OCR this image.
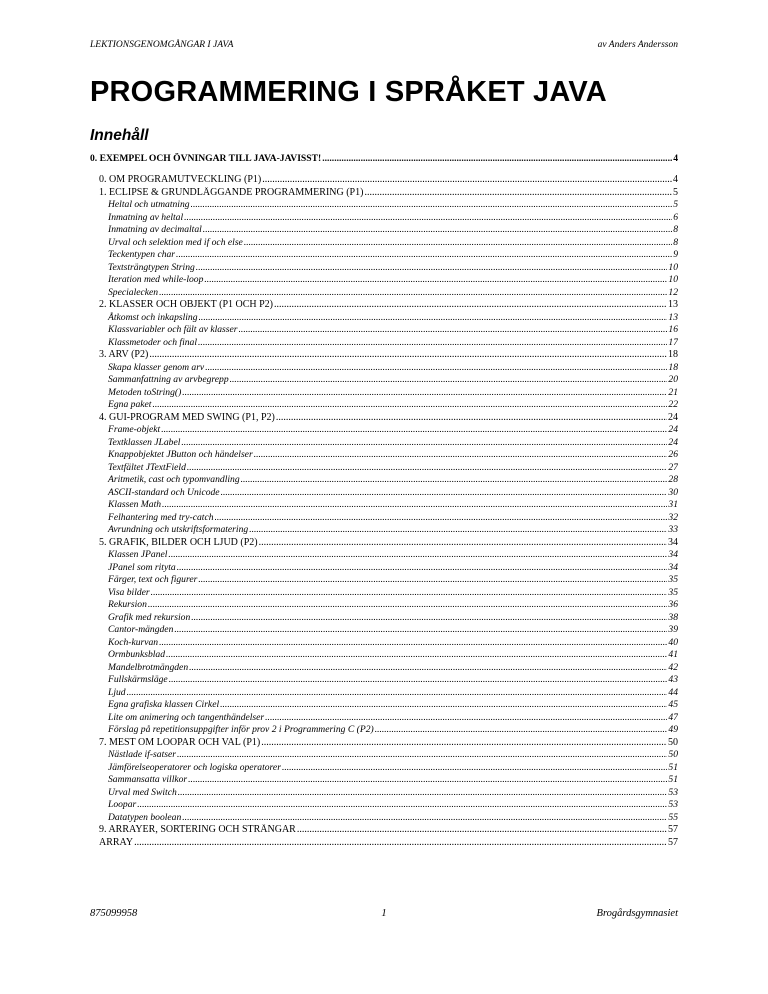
LEKTIONSGENOMGÅNGAR I JAVA	av Anders Andersson
PROGRAMMERING I SPRÅKET JAVA
Innehåll
0. EXEMPEL OCH ÖVNINGAR TILL JAVA-JAVISST! .....	4
0. OM PROGRAMUTVECKLING (P1) .....	4
1. ECLIPSE & GRUNDLÄGGANDE PROGRAMMERING (P1) .....	5
Heltal och utmatning .....	5
Inmatning av heltal .....	6
Inmatning av decimaltal .....	8
Urval och selektion med if och else .....	8
Teckentypen char .....	9
Textsträngtypen String .....	10
Iteration med while-loop .....	10
Specialecken .....	12
2. KLASSER OCH OBJEKT (P1 OCH P2) .....	13
Åtkomst och inkapsling .....	13
Klassvariabler och fält av klasser .....	16
Klassmetoder och final .....	17
3. ARV (P2) .....	18
Skapa klasser genom arv .....	18
Sammanfattning av arvbegrepp .....	20
Metoden toString() .....	21
Egna paket .....	22
4. GUI-PROGRAM MED SWING (P1, P2) .....	24
Frame-objekt .....	24
Textklassen JLabel .....	24
Knappobjektet JButton och händelser .....	26
Textfältet JTextField .....	27
Aritmetik, cast och typomvandling .....	28
ASCII-standard och Unicode .....	30
Klassen Math .....	31
Felhantering med try-catch .....	32
Avrundning och utskriftsformatering .....	33
5. GRAFIK, BILDER OCH LJUD (P2) .....	34
Klassen JPanel .....	34
JPanel som rityta .....	34
Färger, text och figurer .....	35
Visa bilder .....	35
Rekursion .....	36
Grafik med rekursion .....	38
Cantor-mängden .....	39
Koch-kurvan .....	40
Ormbunksblad .....	41
Mandelbrotmängden .....	42
Fullskärmsläge .....	43
Ljud .....	44
Egna grafiska klassen Cirkel .....	45
Lite om animering och tangenthändelser .....	47
Förslag på repetitionsuppgifter inför prov 2 i Programmering C (P2) .....	49
7. MEST OM LOOPAR OCH VAL (P1) .....	50
Nästlade if-satser .....	50
Jämförelseoperatorer och logiska operatorer .....	51
Sammansatta villkor .....	51
Urval med Switch .....	53
Loopar .....	53
Datatypen boolean .....	55
9. ARRAYER, SORTERING OCH STRÄNGAR .....	57
ARRAY .....	57
875099958	1	Brogårdsgymnasiet
